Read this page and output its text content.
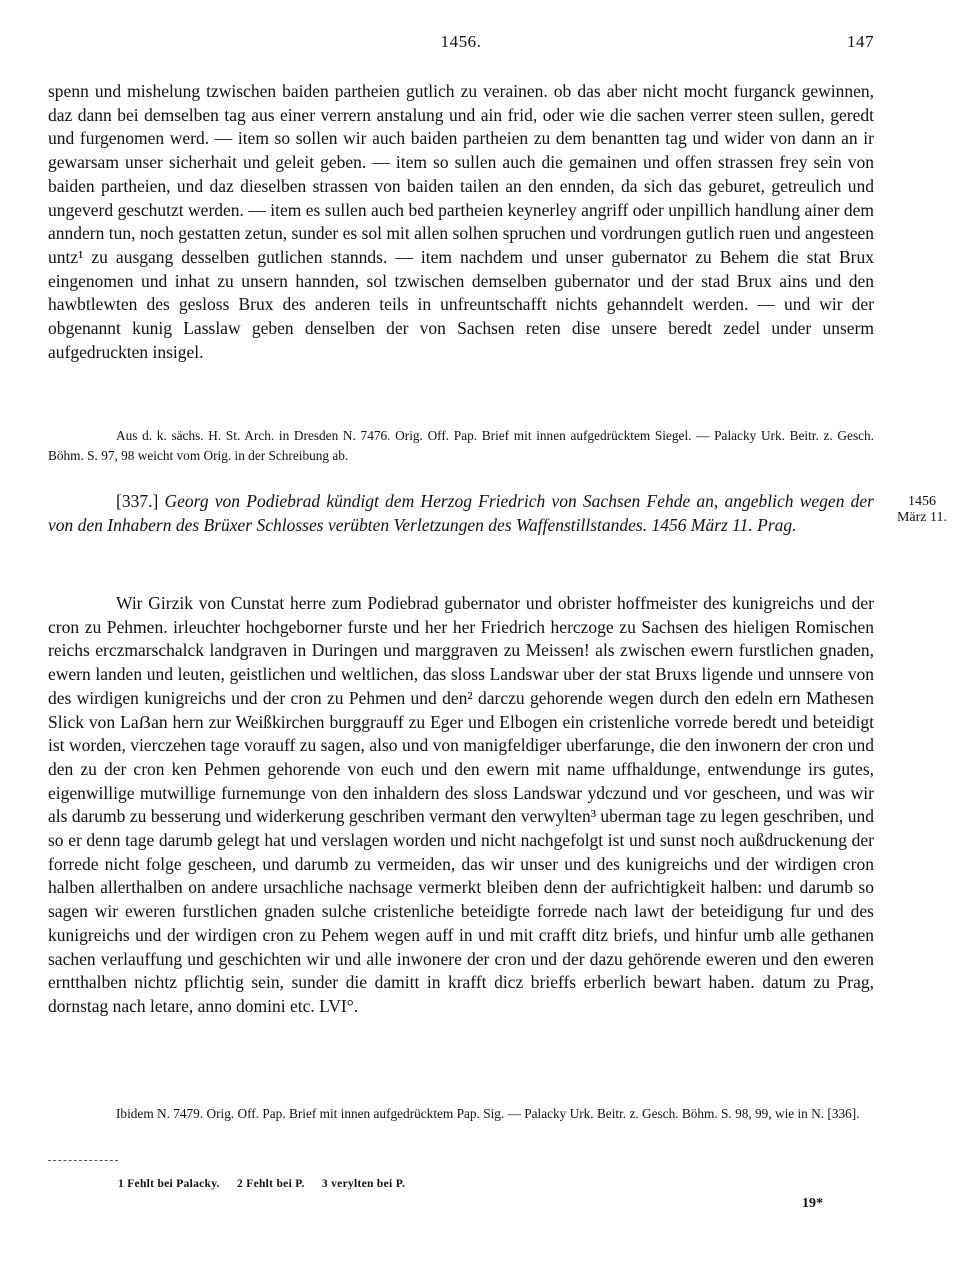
1456.	147

spenn und mishelung tzwischen baiden partheien gutlich zu verainen. ob das aber nicht mocht furganck gewinnen, daz dann bei demselben tag aus einer verrern anstalung und ain frid, oder wie die sachen verrer steen sullen, geredt und furgenomen werd. — item so sollen wir auch baiden partheien zu dem benantten tag und wider von dann an ir gewarsam unser sicherhait und geleit geben. — item so sullen auch die gemainen und offen strassen frey sein von baiden partheien, und daz dieselben strassen von baiden tailen an den ennden, da sich das geburet, getreulich und ungeverd geschutzt werden. — item es sullen auch bed partheien keynerley angriff oder unpillich handlung ainer dem anndern tun, noch gestatten zetun, sunder es sol mit allen solhen spruchen und vordrungen gutlich ruen und angesteen untz¹ zu ausgang desselben gutlichen stannds. — item nachdem und unser gubernator zu Behem die stat Brux eingenomen und inhat zu unsern hannden, sol tzwischen demselben gubernator und der stad Brux ains und den hawbtlewten des gesloss Brux des anderen teils in unfreuntschafft nichts gehanndelt werden. — und wir der obgenannt kunig Lasslaw geben denselben der von Sachsen reten dise unsere beredt zedel under unserm aufgedruckten insigel.

Aus d. k. sächs. H. St. Arch. in Dresden N. 7476. Orig. Off. Pap. Brief mit innen aufgedrücktem Siegel. — Palacky Urk. Beitr. z. Gesch. Böhm. S. 97, 98 weicht vom Orig. in der Schreibung ab.

[337.] Georg von Podiebrad kündigt dem Herzog Friedrich von Sachsen Fehde an, angeblich wegen der von den Inhabern des Brüxer Schlosses verübten Verletzungen des Waffenstillstandes. 1456 März 11. Prag.

1456
März 11.

Wir Girzik von Cunstat herre zum Podiebrad gubernator und obrister hoffmeister des kunigreichs und der cron zu Pehmen. irleuchter hochgeborner furste und her her Friedrich herczoge zu Sachsen des hieligen Romischen reichs erczmarschalck landgraven in Duringen und marggraven zu Meissen! als zwischen ewern furstlichen gnaden, ewern landen und leuten, geistlichen und weltlichen, das sloss Landswar uber der stat Bruxs ligende und unnsere von des wirdigen kunigreichs und der cron zu Pehmen und den² darczu gehorende wegen durch den edeln ern Mathesen Slick von Laẞan hern zur Weißkirchen burggrauff zu Eger und Elbogen ein cristenliche vorrede beredt und beteidigt ist worden, vierczehen tage vorauff zu sagen, also und von manigfeldiger uberfarunge, die den inwonern der cron und den zu der cron ken Pehmen gehorende von euch und den ewern mit name uffhaldunge, entwendunge irs gutes, eigenwillige mutwillige furnemunge von den inhaldern des sloss Landswar ydczund und vor gescheen, und was wir als darumb zu besserung und widerkerung geschriben vermant den verwylten³ uberman tage zu legen geschriben, und so er denn tage darumb gelegt hat und verslagen worden und nicht nachgefolgt ist und sunst noch außdruckenung der forrede nicht folge gescheen, und darumb zu vermeiden, das wir unser und des kunigreichs und der wirdigen cron halben allerthalben on andere ursachliche nachsage vermerkt bleiben denn der aufrichtigkeit halben: und darumb so sagen wir eweren furstlichen gnaden sulche cristenliche beteidigte forrede nach lawt der beteidigung fur und des kunigreichs und der wirdigen cron zu Pehem wegen auff in und mit crafft ditz briefs, und hinfur umb alle gethanen sachen verlauffung und geschichten wir und alle inwonere der cron und der dazu gehörende eweren und den eweren erntthalben nichtz pflichtig sein, sunder die damitt in krafft dicz brieffs erberlich bewart haben. datum zu Prag, dornstag nach letare, anno domini etc. LVI°.

Ibidem N. 7479. Orig. Off. Pap. Brief mit innen aufgedrücktem Pap. Sig. — Palacky Urk. Beitr. z. Gesch. Böhm. S. 98, 99, wie in N. [336].

1 Fehlt bei Palacky. 2 Fehlt bei P. 3 verylten bei P.
19*
